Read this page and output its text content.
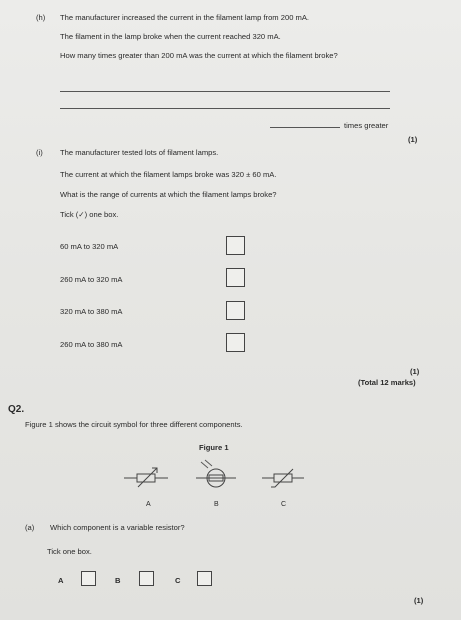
(h) The manufacturer increased the current in the filament lamp from 200 mA.
The filament in the lamp broke when the current reached 320 mA.
How many times greater than 200 mA was the current at which the filament broke?
times greater
(1)
(i) The manufacturer tested lots of filament lamps.
The current at which the filament lamps broke was 320 ± 60 mA.
What is the range of currents at which the filament lamps broke?
Tick (✓) one box.
60 mA to 320 mA
260 mA to 320 mA
320 mA to 380 mA
260 mA to 380 mA
(1)
(Total 12 marks)
Q2.
Figure 1 shows the circuit symbol for three different components.
Figure 1
A	B	C
(a) Which component is a variable resistor?
Tick one box.
A	B	C
(1)
